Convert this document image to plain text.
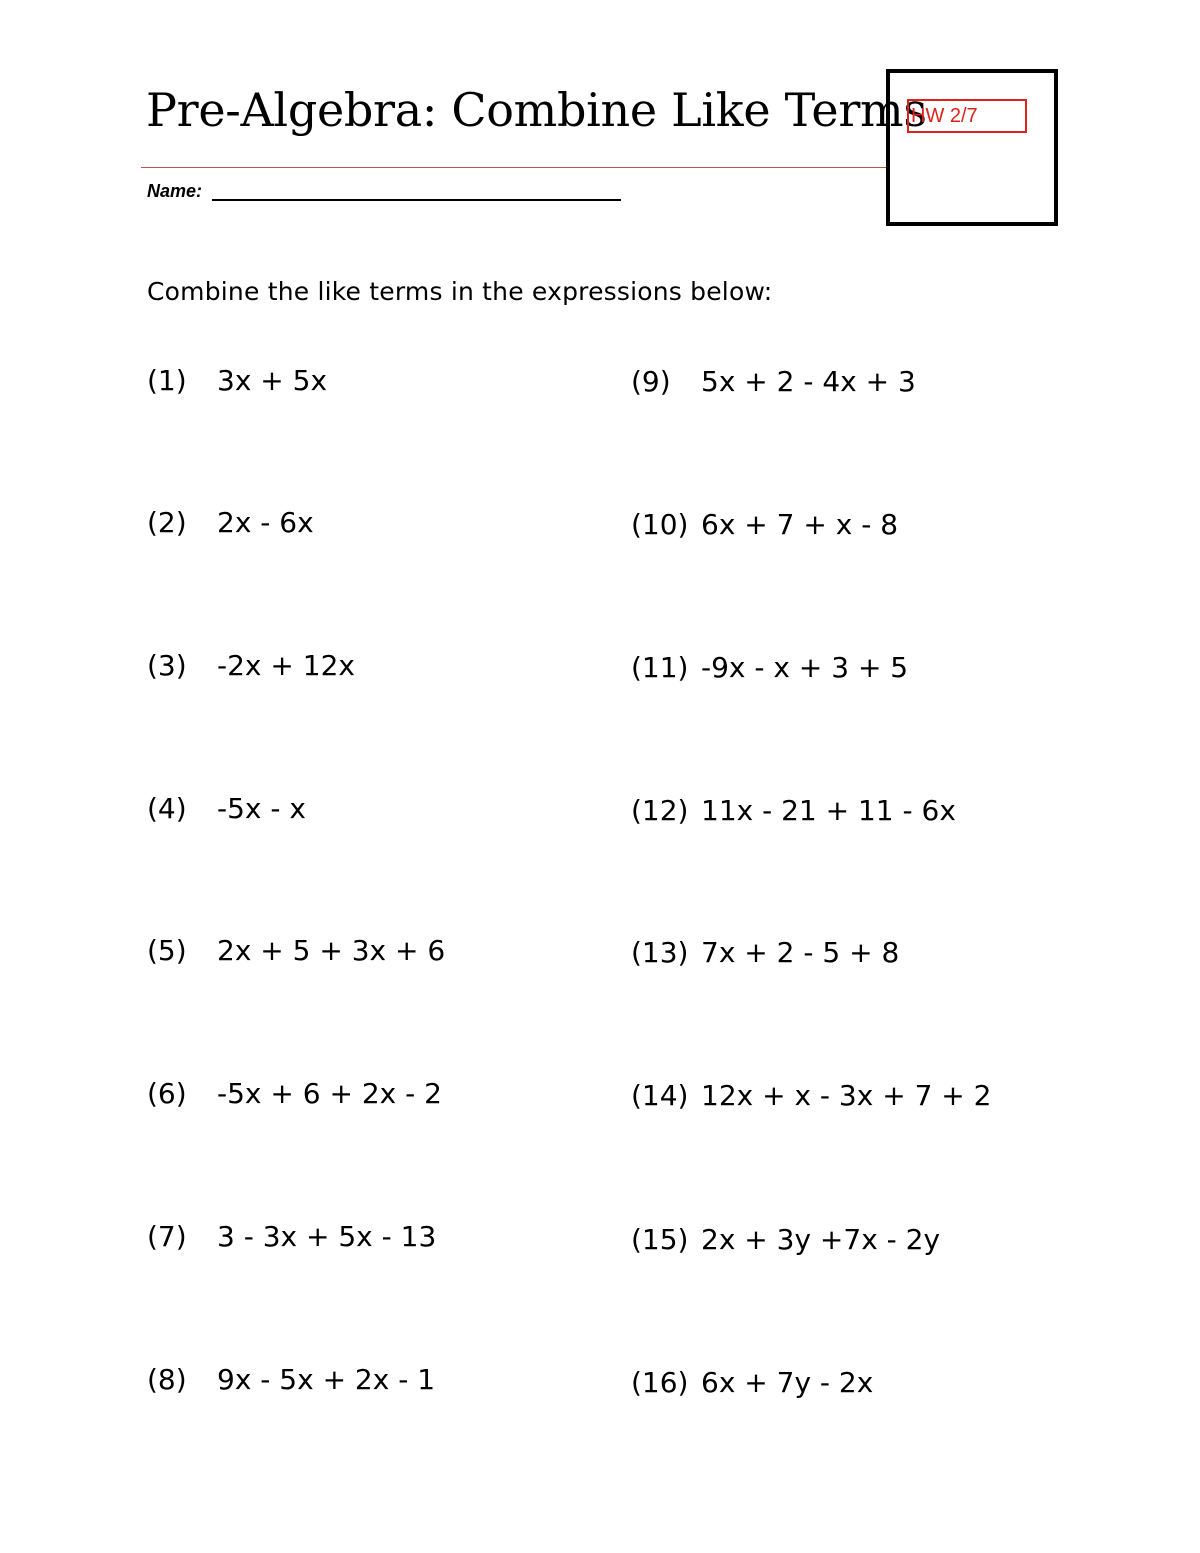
Pre-Algebra: Combine Like Terms
Name:
HW 2/7
Combine the like terms in the expressions below:
(1) 3x + 5x
(2) 2x - 6x
(3) -2x + 12x
(4) -5x - x
(5) 2x + 5 + 3x + 6
(6) -5x + 6 + 2x - 2
(7) 3 - 3x + 5x - 13
(8) 9x - 5x + 2x - 1
(9) 5x + 2 - 4x + 3
(10) 6x + 7 + x - 8
(11) -9x - x + 3 + 5
(12) 11x - 21 + 11 - 6x
(13) 7x + 2 - 5 + 8
(14) 12x + x - 3x + 7 + 2
(15) 2x + 3y +7x - 2y
(16) 6x + 7y - 2x
